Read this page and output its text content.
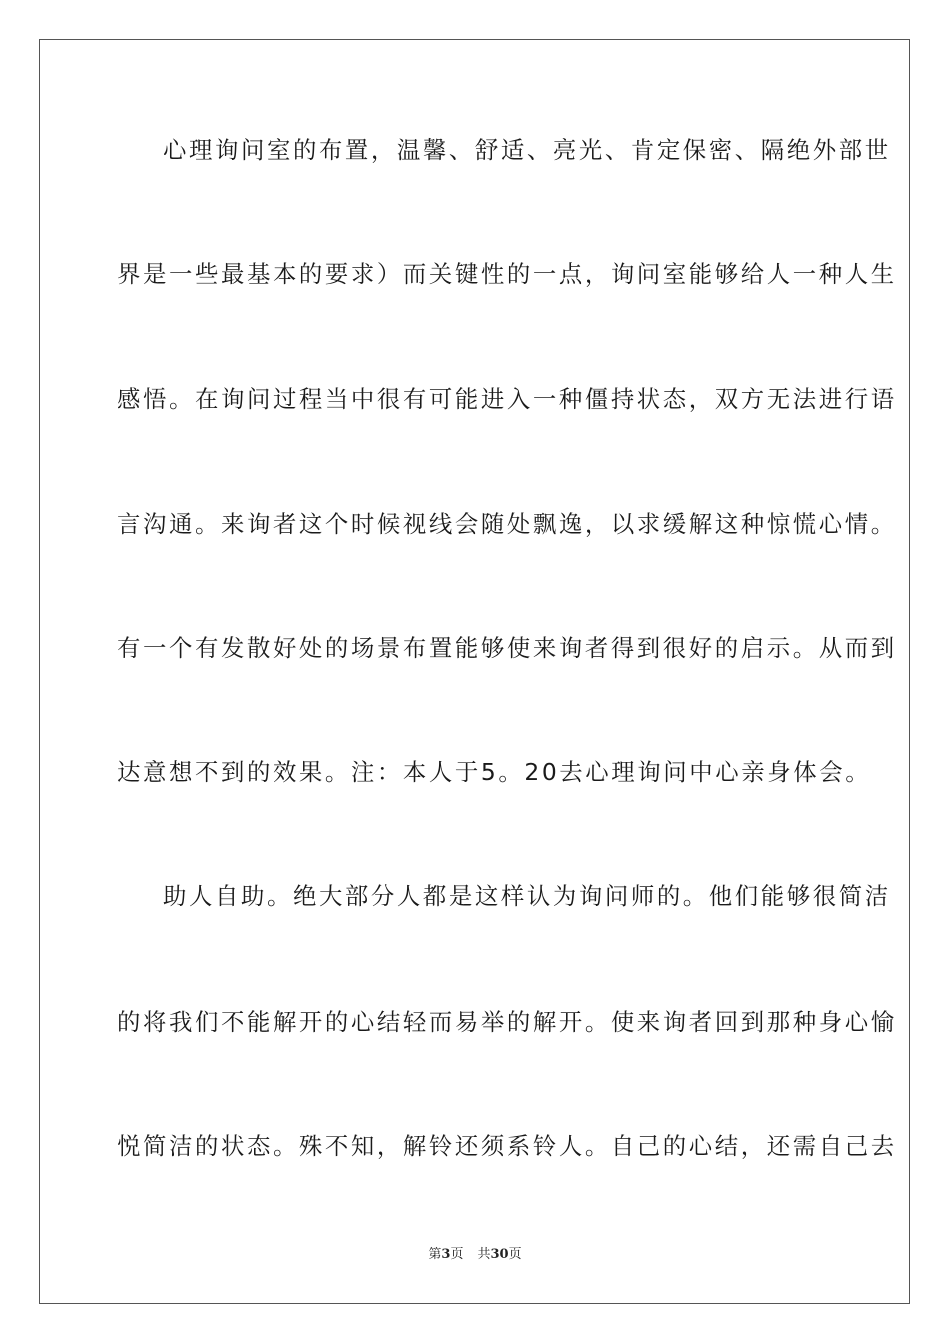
心理询问室的布置，温馨、舒适、亮光、肯定保密、隔绝外部世
界是一些最基本的要求）而关键性的一点，询问室能够给人一种人生
感悟。在询问过程当中很有可能进入一种僵持状态，双方无法进行语
言沟通。来询者这个时候视线会随处飘逸，以求缓解这种惊慌心情。
有一个有发散好处的场景布置能够使来询者得到很好的启示。从而到
达意想不到的效果。注：本人于5。20去心理询问中心亲身体会。
助人自助。绝大部分人都是这样认为询问师的。他们能够很简洁
的将我们不能解开的心结轻而易举的解开。使来询者回到那种身心愉
悦简洁的状态。殊不知，解铃还须系铃人。自己的心结，还需自己去
第3页 共30页
